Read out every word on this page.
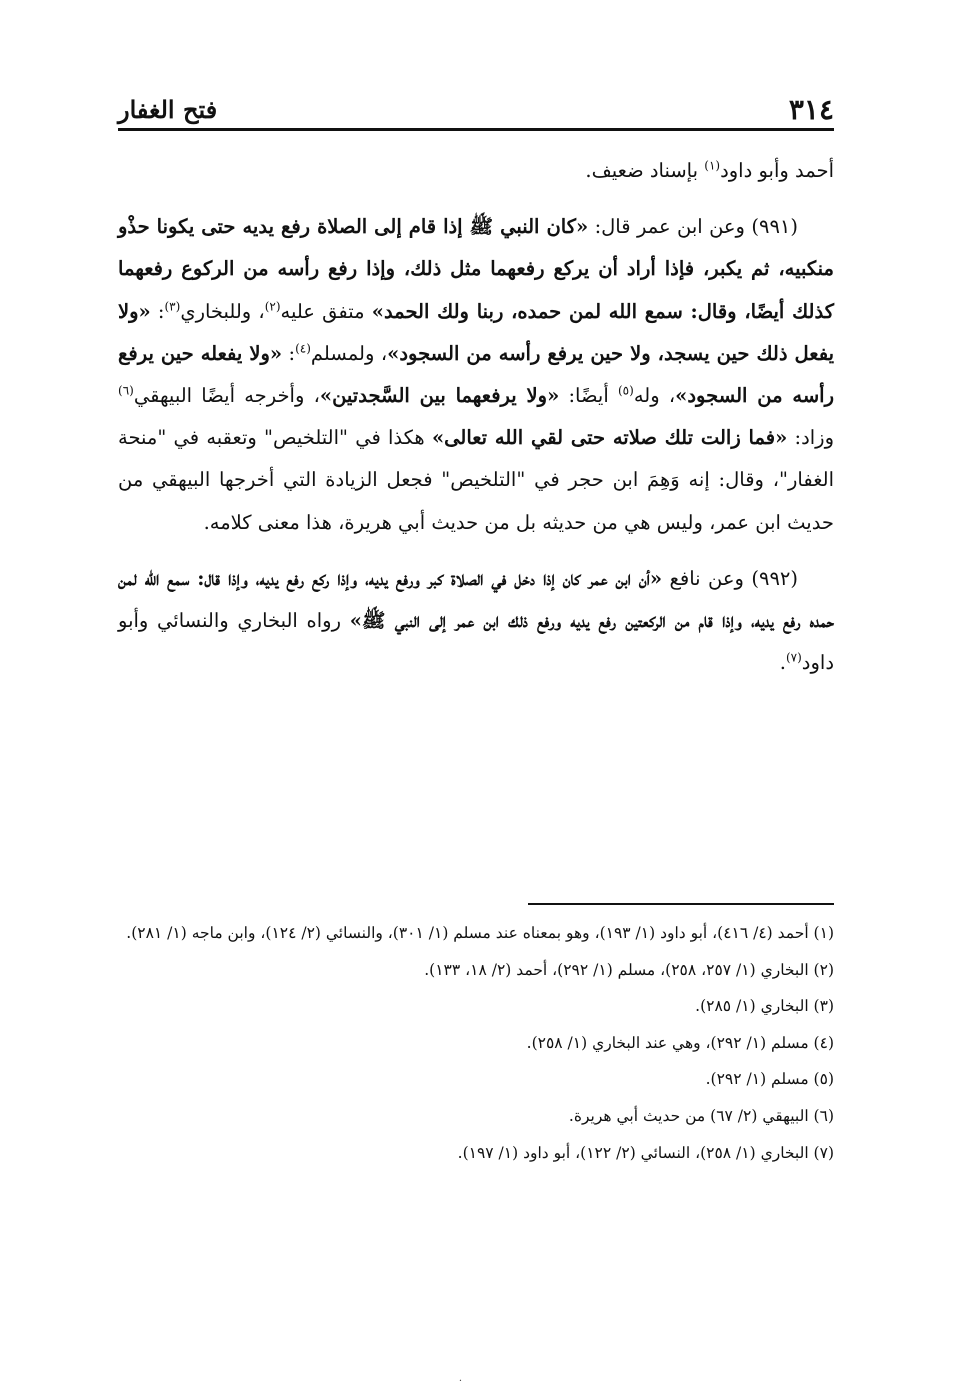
٣١٤
فتح الغفار

أحمد وأبو داود$^{(١)}$ بإسناد ضعيف.

(٩٩١) وعن ابن عمر قال: «كان النبي ﷺ إذا قام إلى الصلاة رفع يديه حتى يكونا حذْو منكبيه، ثم يكبر، فإذا أراد أن يركع رفعهما مثل ذلك، وإذا رفع رأسه من الركوع رفعهما كذلك أيضًا، وقال: سمع الله لمن حمده، ربنا ولك الحمد» متفق عليه$^{(٢)}$، وللبخاري$^{(٣)}$: «ولا يفعل ذلك حين يسجد، ولا حين يرفع رأسه من السجود»، ولمسلم$^{(٤)}$: «ولا يفعله حين يرفع رأسه من السجود»، وله$^{(٥)}$ أيضًا: «ولا يرفعهما بين السَّجدتين»، وأخرجه أيضًا البيهقي$^{(٦)}$ وزاد: «فما زالت تلك صلاته حتى لقي الله تعالى» هكذا في "التلخيص" وتعقبه في "منحة الغفار"، وقال: إنه وَهِمَ ابن حجر في "التلخيص" فجعل الزيادة التي أخرجها البيهقي من حديث ابن عمر، وليس هي من حديثه بل من حديث أبي هريرة، هذا معنى كلامه.

(٩٩٢) وعن نافع «أن ابن عمر كان إذا دخل في الصلاة كبر ورفع يديه، وإذا ركع رفع يديه، وإذا قال: سمع الله لمن حمده رفع يديه، وإذا قام من الركعتين رفع يديه ورفع ذلك ابن عمر إلى النبي ﷺ» رواه البخاري والنسائي وأبو داود$^{(٧)}$.

(١) أحمد (٤/ ٤١٦)، أبو داود (١/ ١٩٣)، وهو بمعناه عند مسلم (١/ ٣٠١)، والنسائي (٢/ ١٢٤)، وابن ماجه (١/ ٢٨١).
(٢) البخاري (١/ ٢٥٧، ٢٥٨)، مسلم (١/ ٢٩٢)، أحمد (٢/ ١٨، ١٣٣).
(٣) البخاري (١/ ٢٨٥).
(٤) مسلم (١/ ٢٩٢)، وهي عند البخاري (١/ ٢٥٨).
(٥) مسلم (١/ ٢٩٢).
(٦) البيهقي (٢/ ٦٧) من حديث أبي هريرة.
(٧) البخاري (١/ ٢٥٨)، النسائي (٢/ ١٢٢)، أبو داود (١/ ١٩٧).
·
